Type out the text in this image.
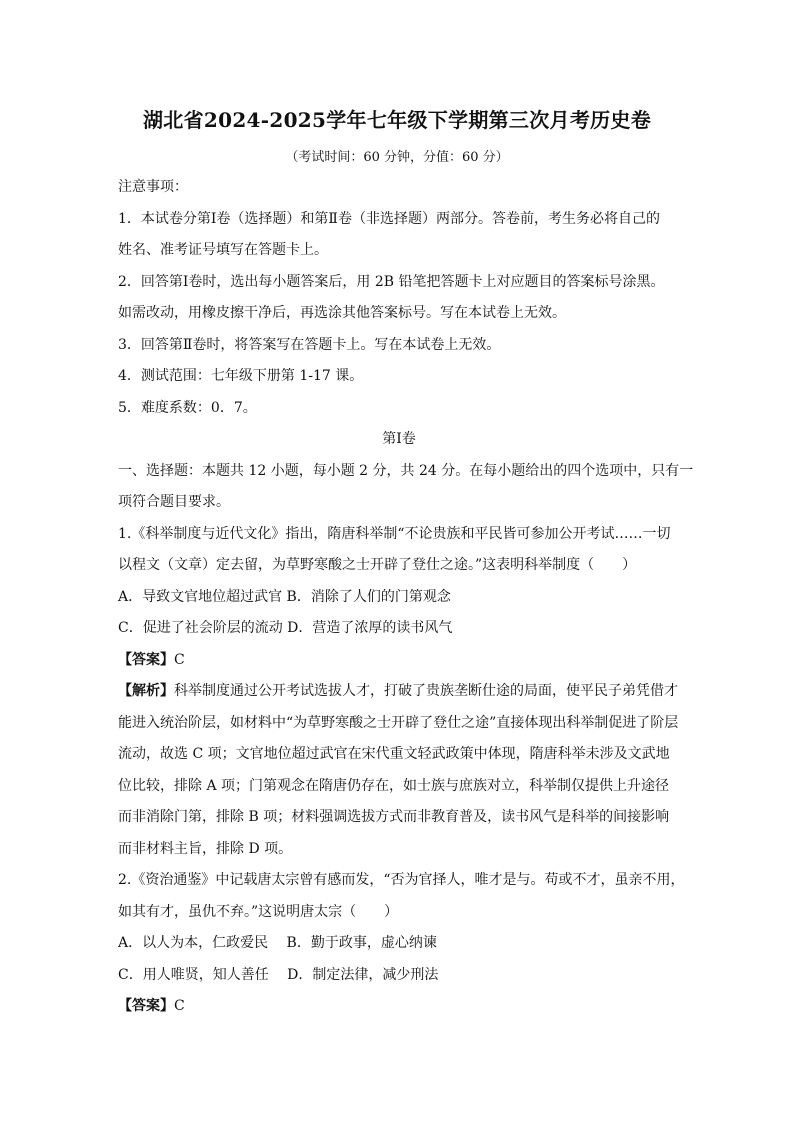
湖北省2024-2025学年七年级下学期第三次月考历史卷
（考试时间：60 分钟，分值：60 分）
注意事项：
1．本试卷分第Ⅰ卷（选择题）和第Ⅱ卷（非选择题）两部分。答卷前，考生务必将自己的
姓名、准考证号填写在答题卡上。
2．回答第Ⅰ卷时，选出每小题答案后，用 2B 铅笔把答题卡上对应题目的答案标号涂黑。
如需改动，用橡皮擦干净后，再选涂其他答案标号。写在本试卷上无效。
3．回答第Ⅱ卷时，将答案写在答题卡上。写在本试卷上无效。
4．测试范围：七年级下册第 1-17 课。
5．难度系数：0．7。
第Ⅰ卷
一、选择题：本题共 12 小题，每小题 2 分，共 24 分。在每小题给出的四个选项中，只有一
项符合题目要求。
1.《科举制度与近代文化》指出，隋唐科举制“不论贵族和平民皆可参加公开考试……一切
以程文（文章）定去留，为草野寒酸之士开辟了登仕之途。”这表明科举制度（　　）
A．导致文官地位超过武官 B．消除了人们的门第观念
C．促进了社会阶层的流动 D．营造了浓厚的读书风气
【答案】C
【解析】科举制度通过公开考试选拔人才，打破了贵族垄断仕途的局面，使平民子弟凭借才
能进入统治阶层，如材料中“为草野寒酸之士开辟了登仕之途”直接体现出科举制促进了阶层
流动，故选 C 项；文官地位超过武官在宋代重文轻武政策中体现，隋唐科举未涉及文武地
位比较，排除 A 项；门第观念在隋唐仍存在，如士族与庶族对立，科举制仅提供上升途径
而非消除门第，排除 B 项；材料强调选拔方式而非教育普及，读书风气是科举的间接影响
而非材料主旨，排除 D 项。
2.《资治通鉴》中记载唐太宗曾有感而发，“否为官择人，唯才是与。苟或不才，虽亲不用，
如其有才，虽仇不弃。”这说明唐太宗（　　）
A．以人为本，仁政爱民　 B．勤于政事，虚心纳谏
C．用人唯贤，知人善任　 D．制定法律，减少刑法
【答案】C
